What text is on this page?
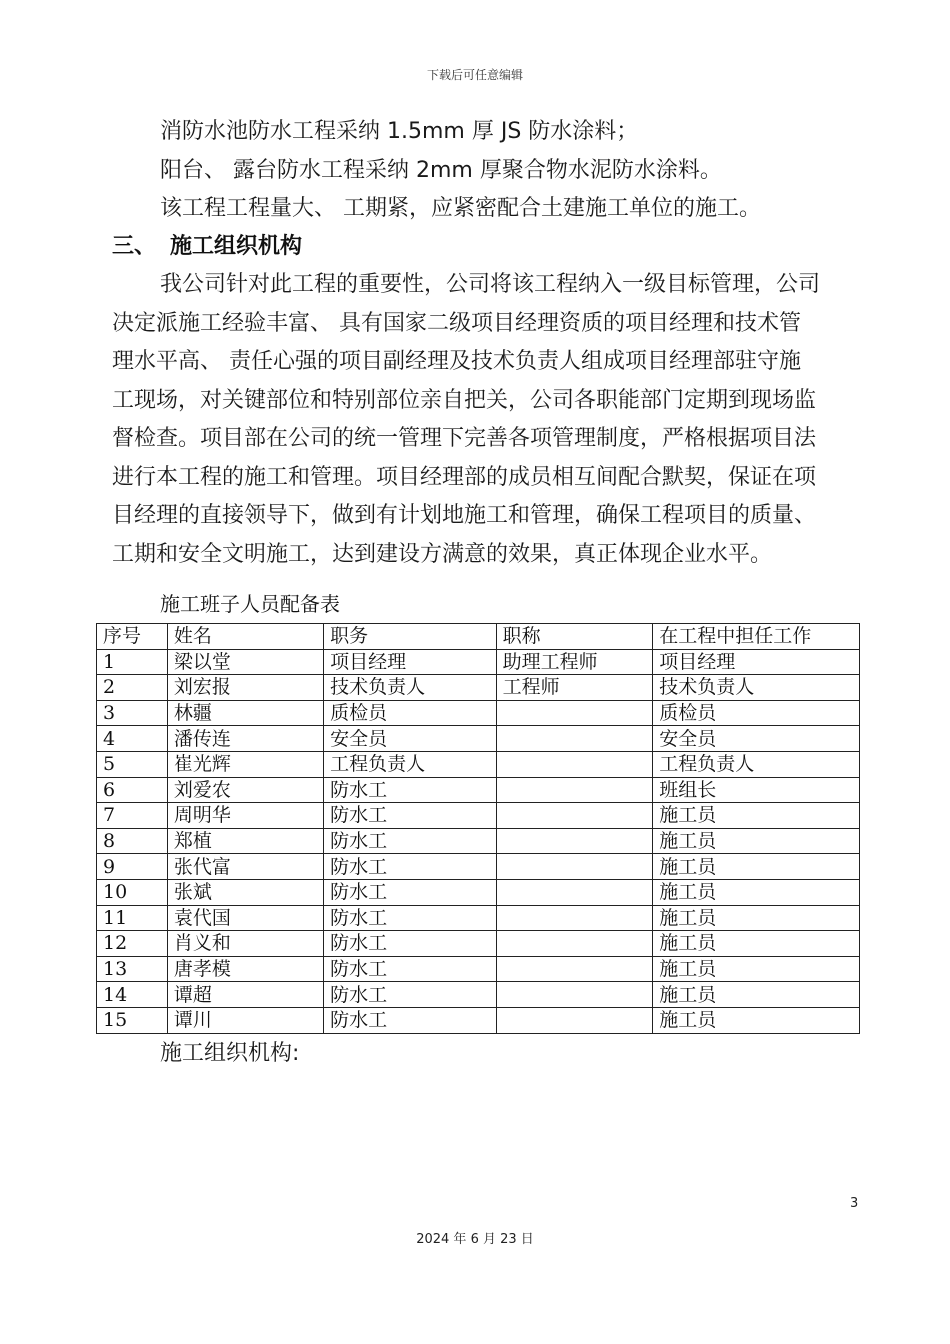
下载后可任意编辑
消防水池防水工程采纳 1.5mm 厚 JS 防水涂料；
阳台、 露台防水工程采纳 2mm 厚聚合物水泥防水涂料。
该工程工程量大、 工期紧，应紧密配合土建施工单位的施工。
三、 施工组织机构
我公司针对此工程的重要性，公司将该工程纳入一级目标管理，公司
决定派施工经验丰富、 具有国家二级项目经理资质的项目经理和技术管
理水平高、 责任心强的项目副经理及技术负责人组成项目经理部驻守施
工现场，对关键部位和特别部位亲自把关，公司各职能部门定期到现场监
督检查。项目部在公司的统一管理下完善各项管理制度，严格根据项目法
进行本工程的施工和管理。项目经理部的成员相互间配合默契，保证在项
目经理的直接领导下，做到有计划地施工和管理，确保工程项目的质量、
工期和安全文明施工，达到建设方满意的效果，真正体现企业水平。
施工班子人员配备表
序号	姓名	职务	职称	在工程中担任工作
1	梁以堂	项目经理	助理工程师	项目经理
2	刘宏报	技术负责人	工程师	技术负责人
3	林疆	质检员		质检员
4	潘传连	安全员		安全员
5	崔光辉	工程负责人		工程负责人
6	刘爱农	防水工		班组长
7	周明华	防水工		施工员
8	郑植	防水工		施工员
9	张代富	防水工		施工员
10	张斌	防水工		施工员
11	袁代国	防水工		施工员
12	肖义和	防水工		施工员
13	唐孝模	防水工		施工员
14	谭超	防水工		施工员
15	谭川	防水工		施工员
施工组织机构:
3
2024 年 6 月 23 日
